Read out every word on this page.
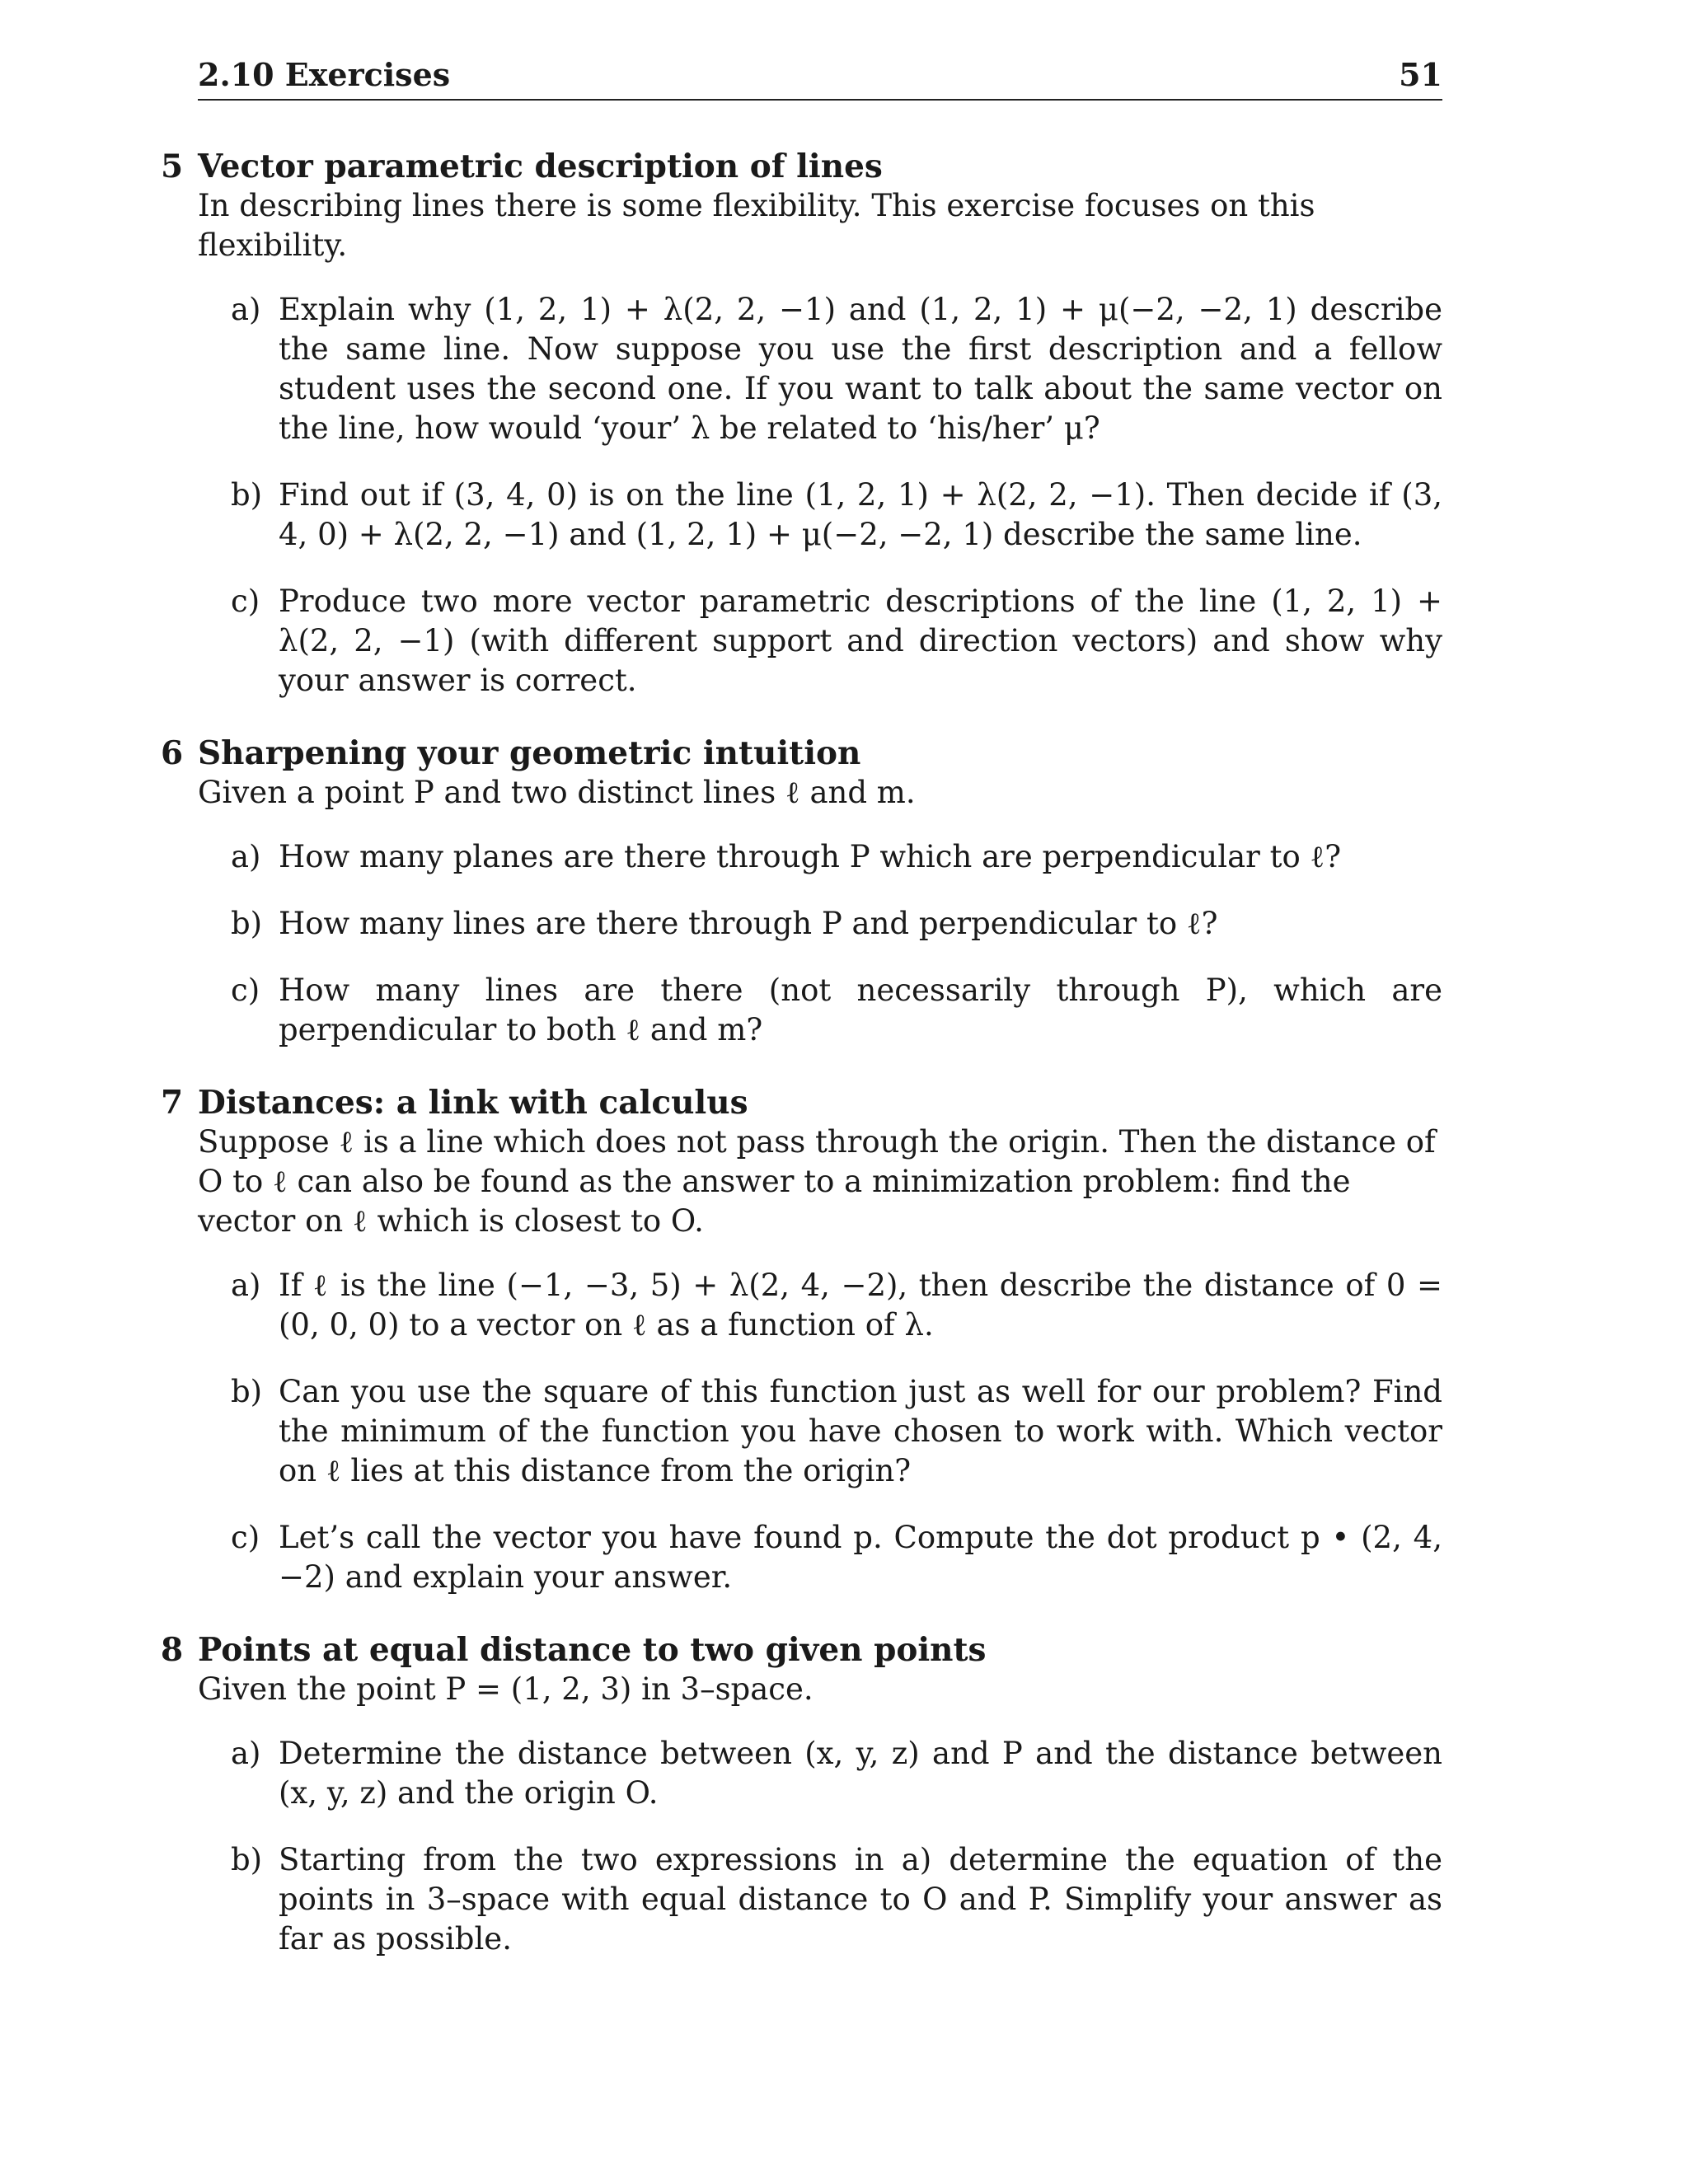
2.10 Exercises	51
5 Vector parametric description of lines
In describing lines there is some flexibility. This exercise focuses on this flexibility.
a) Explain why (1, 2, 1) + λ(2, 2, −1) and (1, 2, 1) + μ(−2, −2, 1) describe the same line. Now suppose you use the first description and a fellow student uses the second one. If you want to talk about the same vector on the line, how would ‘your’ λ be related to ‘his/her’ μ?
b) Find out if (3, 4, 0) is on the line (1, 2, 1) + λ(2, 2, −1). Then decide if (3, 4, 0) + λ(2, 2, −1) and (1, 2, 1) + μ(−2, −2, 1) describe the same line.
c) Produce two more vector parametric descriptions of the line (1, 2, 1) + λ(2, 2, −1) (with different support and direction vectors) and show why your answer is correct.
6 Sharpening your geometric intuition
Given a point P and two distinct lines ℓ and m.
a) How many planes are there through P which are perpendicular to ℓ?
b) How many lines are there through P and perpendicular to ℓ?
c) How many lines are there (not necessarily through P), which are perpendicular to both ℓ and m?
7 Distances: a link with calculus
Suppose ℓ is a line which does not pass through the origin. Then the distance of O to ℓ can also be found as the answer to a minimization problem: find the vector on ℓ which is closest to O.
a) If ℓ is the line (−1, −3, 5) + λ(2, 4, −2), then describe the distance of 0 = (0, 0, 0) to a vector on ℓ as a function of λ.
b) Can you use the square of this function just as well for our problem? Find the minimum of the function you have chosen to work with. Which vector on ℓ lies at this distance from the origin?
c) Let’s call the vector you have found p. Compute the dot product p • (2, 4, −2) and explain your answer.
8 Points at equal distance to two given points
Given the point P = (1, 2, 3) in 3–space.
a) Determine the distance between (x, y, z) and P and the distance between (x, y, z) and the origin O.
b) Starting from the two expressions in a) determine the equation of the points in 3–space with equal distance to O and P. Simplify your answer as far as possible.
